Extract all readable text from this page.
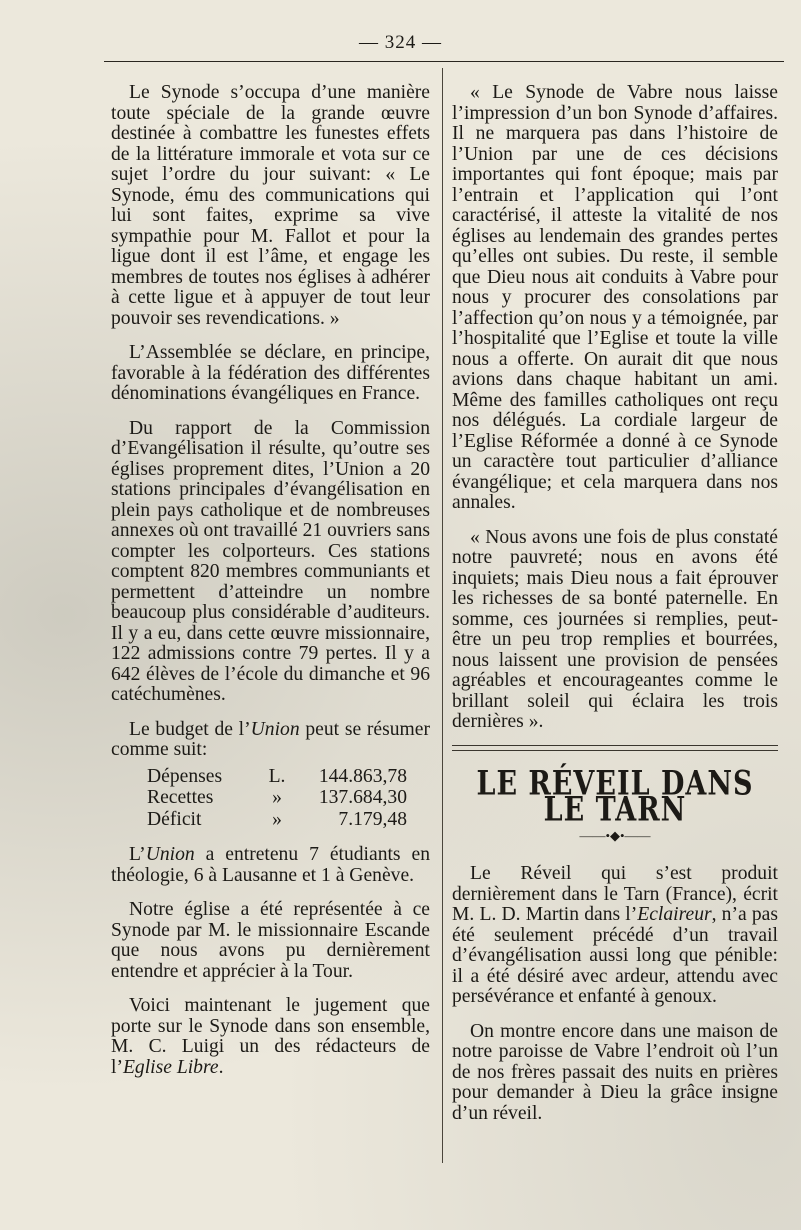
— 324 —

Le Synode s’occupa d’une manière toute spéciale de la grande œuvre destinée à combattre les funestes effets de la littérature immorale et vota sur ce sujet l’ordre du jour suivant: « Le Synode, ému des communications qui lui sont faites, exprime sa vive sympathie pour M. Fallot et pour la ligue dont il est l’âme, et engage les membres de toutes nos églises à adhérer à cette ligue et à appuyer de tout leur pouvoir ses revendications. »

L’Assemblée se déclare, en principe, favorable à la fédération des différentes dénominations évangéliques en France.

Du rapport de la Commission d’Evangélisation il résulte, qu’outre ses églises proprement dites, l’Union a 20 stations principales d’évangélisation en plein pays catholique et de nombreuses annexes où ont travaillé 21 ouvriers sans compter les colporteurs. Ces stations comptent 820 membres communiants et permettent d’atteindre un nombre beaucoup plus considérable d’auditeurs. Il y a eu, dans cette œuvre missionnaire, 122 admissions contre 79 pertes. Il y a 642 élèves de l’école du dimanche et 96 catéchumènes.

Le budget de l’Union peut se résumer comme suit:

Dépenses	L.	144.863,78
Recettes	»	137.684,30
Déficit	»	7.179,48

L’Union a entretenu 7 étudiants en théologie, 6 à Lausanne et 1 à Genève.

Notre église a été représentée à ce Synode par M. le missionnaire Escande que nous avons pu dernièrement entendre et apprécier à la Tour.

Voici maintenant le jugement que porte sur le Synode dans son ensemble, M. C. Luigi un des rédacteurs de l’Eglise Libre.

« Le Synode de Vabre nous laisse l’impression d’un bon Synode d’affaires. Il ne marquera pas dans l’histoire de l’Union par une de ces décisions importantes qui font époque; mais par l’entrain et l’application qui l’ont caractérisé, il atteste la vitalité de nos églises au lendemain des grandes pertes qu’elles ont subies. Du reste, il semble que Dieu nous ait conduits à Vabre pour nous y procurer des consolations par l’affection qu’on nous y a témoignée, par l’hospitalité que l’Eglise et toute la ville nous a offerte. On aurait dit que nous avions dans chaque habitant un ami. Même des familles catholiques ont reçu nos délégués. La cordiale largeur de l’Eglise Réformée a donné à ce Synode un caractère tout particulier d’alliance évangélique; et cela marquera dans nos annales.

« Nous avons une fois de plus constaté notre pauvreté; nous en avons été inquiets; mais Dieu nous a fait éprouver les richesses de sa bonté paternelle. En somme, ces journées si remplies, peut-être un peu trop remplies et bourrées, nous laissent une provision de pensées agréables et encourageantes comme le brillant soleil qui éclaira les trois dernières ».

LE RÉVEIL DANS LE TARN
——•◆•——

Le Réveil qui s’est produit dernièrement dans le Tarn (France), écrit M. L. D. Martin dans l’Eclaireur, n’a pas été seulement précédé d’un travail d’évangélisation aussi long que pénible: il a été désiré avec ardeur, attendu avec persévérance et enfanté à genoux.

On montre encore dans une maison de notre paroisse de Vabre l’endroit où l’un de nos frères passait des nuits en prières pour demander à Dieu la grâce insigne d’un réveil.
